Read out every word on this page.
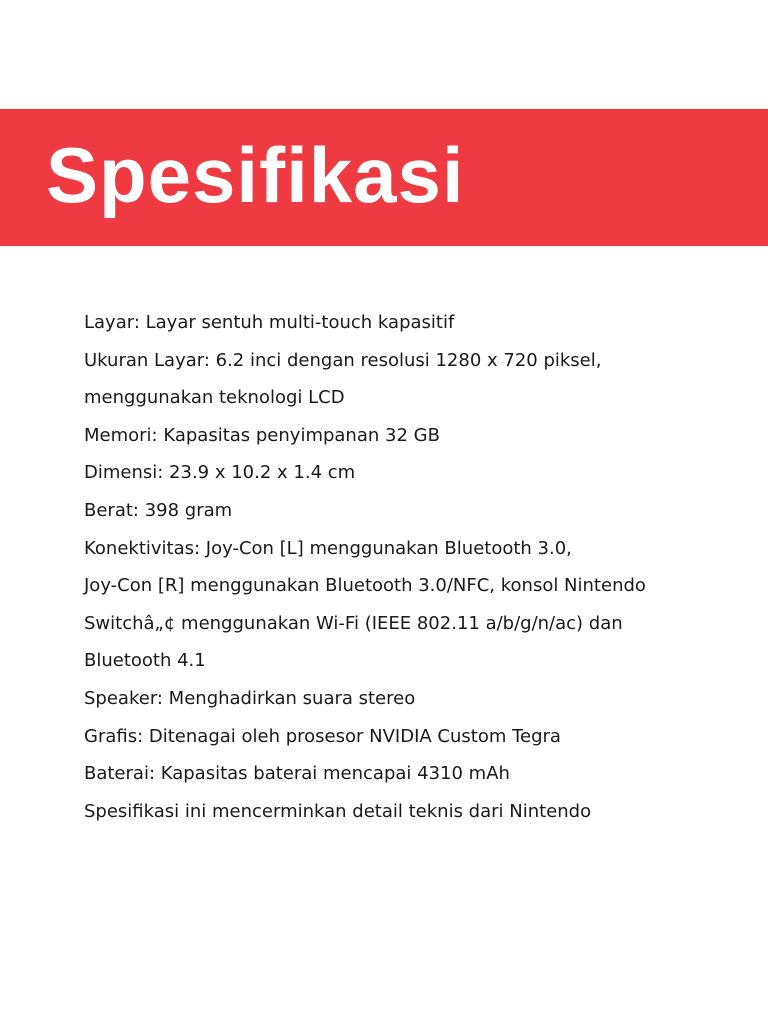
Spesifikasi
Layar: Layar sentuh multi-touch kapasitif
Ukuran Layar: 6.2 inci dengan resolusi 1280 x 720 piksel,
menggunakan teknologi LCD
Memori: Kapasitas penyimpanan 32 GB
Dimensi: 23.9 x 10.2 x 1.4 cm
Berat: 398 gram
Konektivitas: Joy-Con [L] menggunakan Bluetooth 3.0,
Joy-Con [R] menggunakan Bluetooth 3.0/NFC, konsol Nintendo
Switchâ„¢ menggunakan Wi-Fi (IEEE 802.11 a/b/g/n/ac) dan
Bluetooth 4.1
Speaker: Menghadirkan suara stereo
Grafis: Ditenagai oleh prosesor NVIDIA Custom Tegra
Baterai: Kapasitas baterai mencapai 4310 mAh
Spesifikasi ini mencerminkan detail teknis dari Nintendo
